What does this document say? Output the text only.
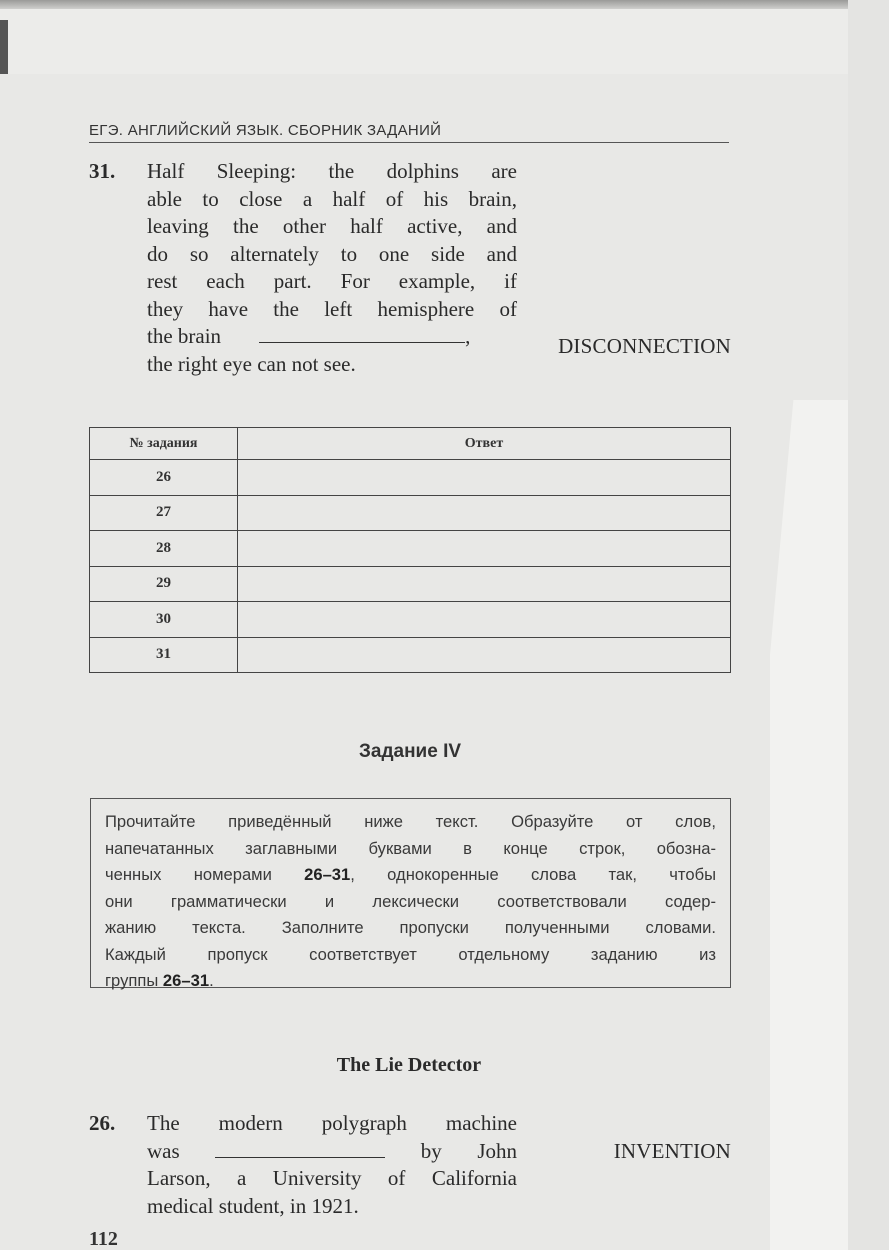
ЕГЭ. АНГЛИЙСКИЙ ЯЗЫК. СБОРНИК ЗАДАНИЙ
31. Half Sleeping: the dolphins are
able to close a half of his brain,
leaving the other half active, and
do so alternately to one side and
rest each part. For example, if
they have the left hemisphere of
the brain	,
the right eye can not see.
DISCONNECTION
№ задания	Ответ
26	
27	
28	
29	
30	
31	
Задание IV
Прочитайте приведённый ниже текст. Образуйте от слов,
напечатанных заглавными буквами в конце строк, обозна-
ченных номерами 26–31, однокоренные слова так, чтобы
они грамматически и лексически соответствовали содер-
жанию текста. Заполните пропуски полученными словами.
Каждый пропуск соответствует отдельному заданию из
группы 26–31.
The Lie Detector
26. The modern polygraph machine
was	by John
Larson, a University of California
medical student, in 1921.
INVENTION
112
